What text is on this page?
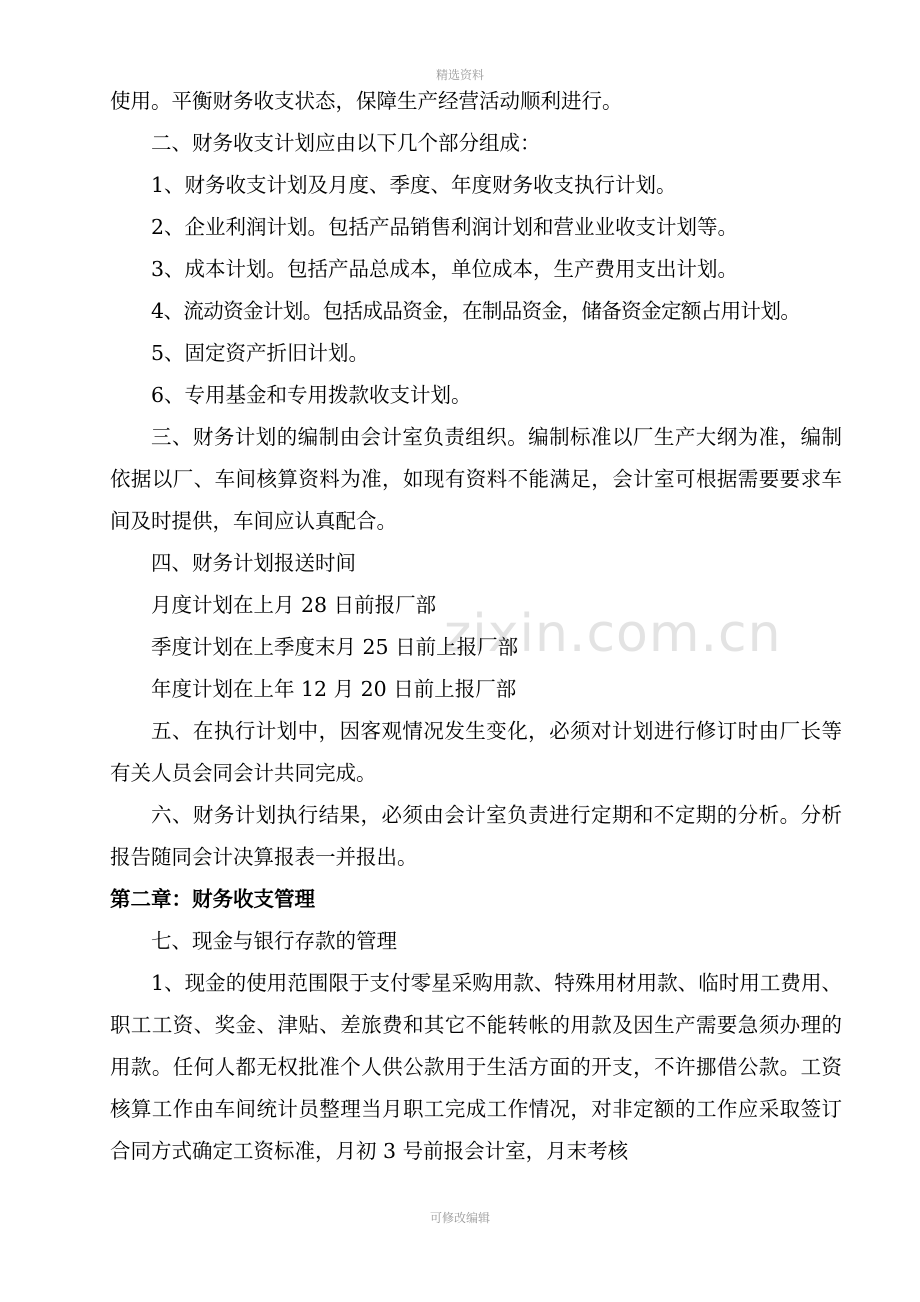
精选资料
zixin.com.cn

使用。平衡财务收支状态，保障生产经营活动顺利进行。

二、财务收支计划应由以下几个部分组成：

1、财务收支计划及月度、季度、年度财务收支执行计划。

2、企业利润计划。包括产品销售利润计划和营业业收支计划等。

3、成本计划。包括产品总成本，单位成本，生产费用支出计划。

4、流动资金计划。包括成品资金，在制品资金，储备资金定额占用计划。

5、固定资产折旧计划。

6、专用基金和专用拨款收支计划。

三、财务计划的编制由会计室负责组织。编制标准以厂生产大纲为准，编制依据以厂、车间核算资料为准，如现有资料不能满足，会计室可根据需要要求车间及时提供，车间应认真配合。

四、财务计划报送时间

月度计划在上月 28 日前报厂部

季度计划在上季度末月 25 日前上报厂部

年度计划在上年 12 月 20 日前上报厂部

五、在执行计划中，因客观情况发生变化，必须对计划进行修订时由厂长等有关人员会同会计共同完成。

六、财务计划执行结果，必须由会计室负责进行定期和不定期的分析。分析报告随同会计决算报表一并报出。

第二章：财务收支管理

七、现金与银行存款的管理

1、现金的使用范围限于支付零星采购用款、特殊用材用款、临时用工费用、职工工资、奖金、津贴、差旅费和其它不能转帐的用款及因生产需要急须办理的用款。任何人都无权批准个人供公款用于生活方面的开支，不许挪借公款。工资核算工作由车间统计员整理当月职工完成工作情况，对非定额的工作应采取签订合同方式确定工资标准，月初 3 号前报会计室，月末考核

可修改编辑
